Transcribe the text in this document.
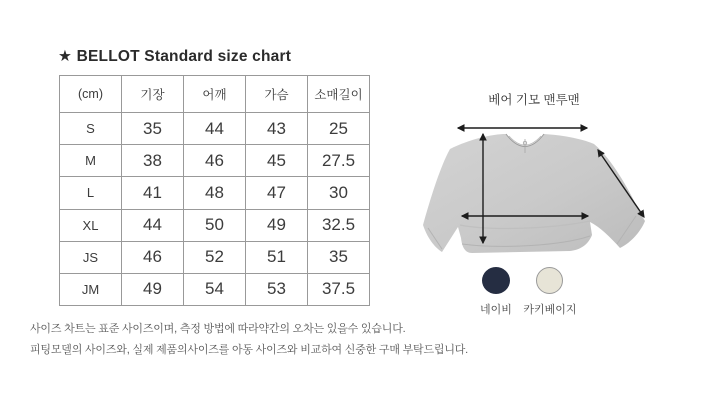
★ BELLOT Standard size chart
(cm)	기장	어깨	가슴	소매길이
S	35	44	43	25
M	38	46	45	27.5
L	41	48	47	30
XL	44	50	49	32.5
JS	46	52	51	35
JM	49	54	53	37.5
사이즈 차트는 표준 사이즈이며, 측정 방법에 따라약간의 오차는 있을수 있습니다.
피팅모델의 사이즈와, 실제 제품의사이즈를 아동 사이즈와 비교하여 신중한 구매 부탁드립니다.
베어 기모 맨투맨
네이비	카키베이지
